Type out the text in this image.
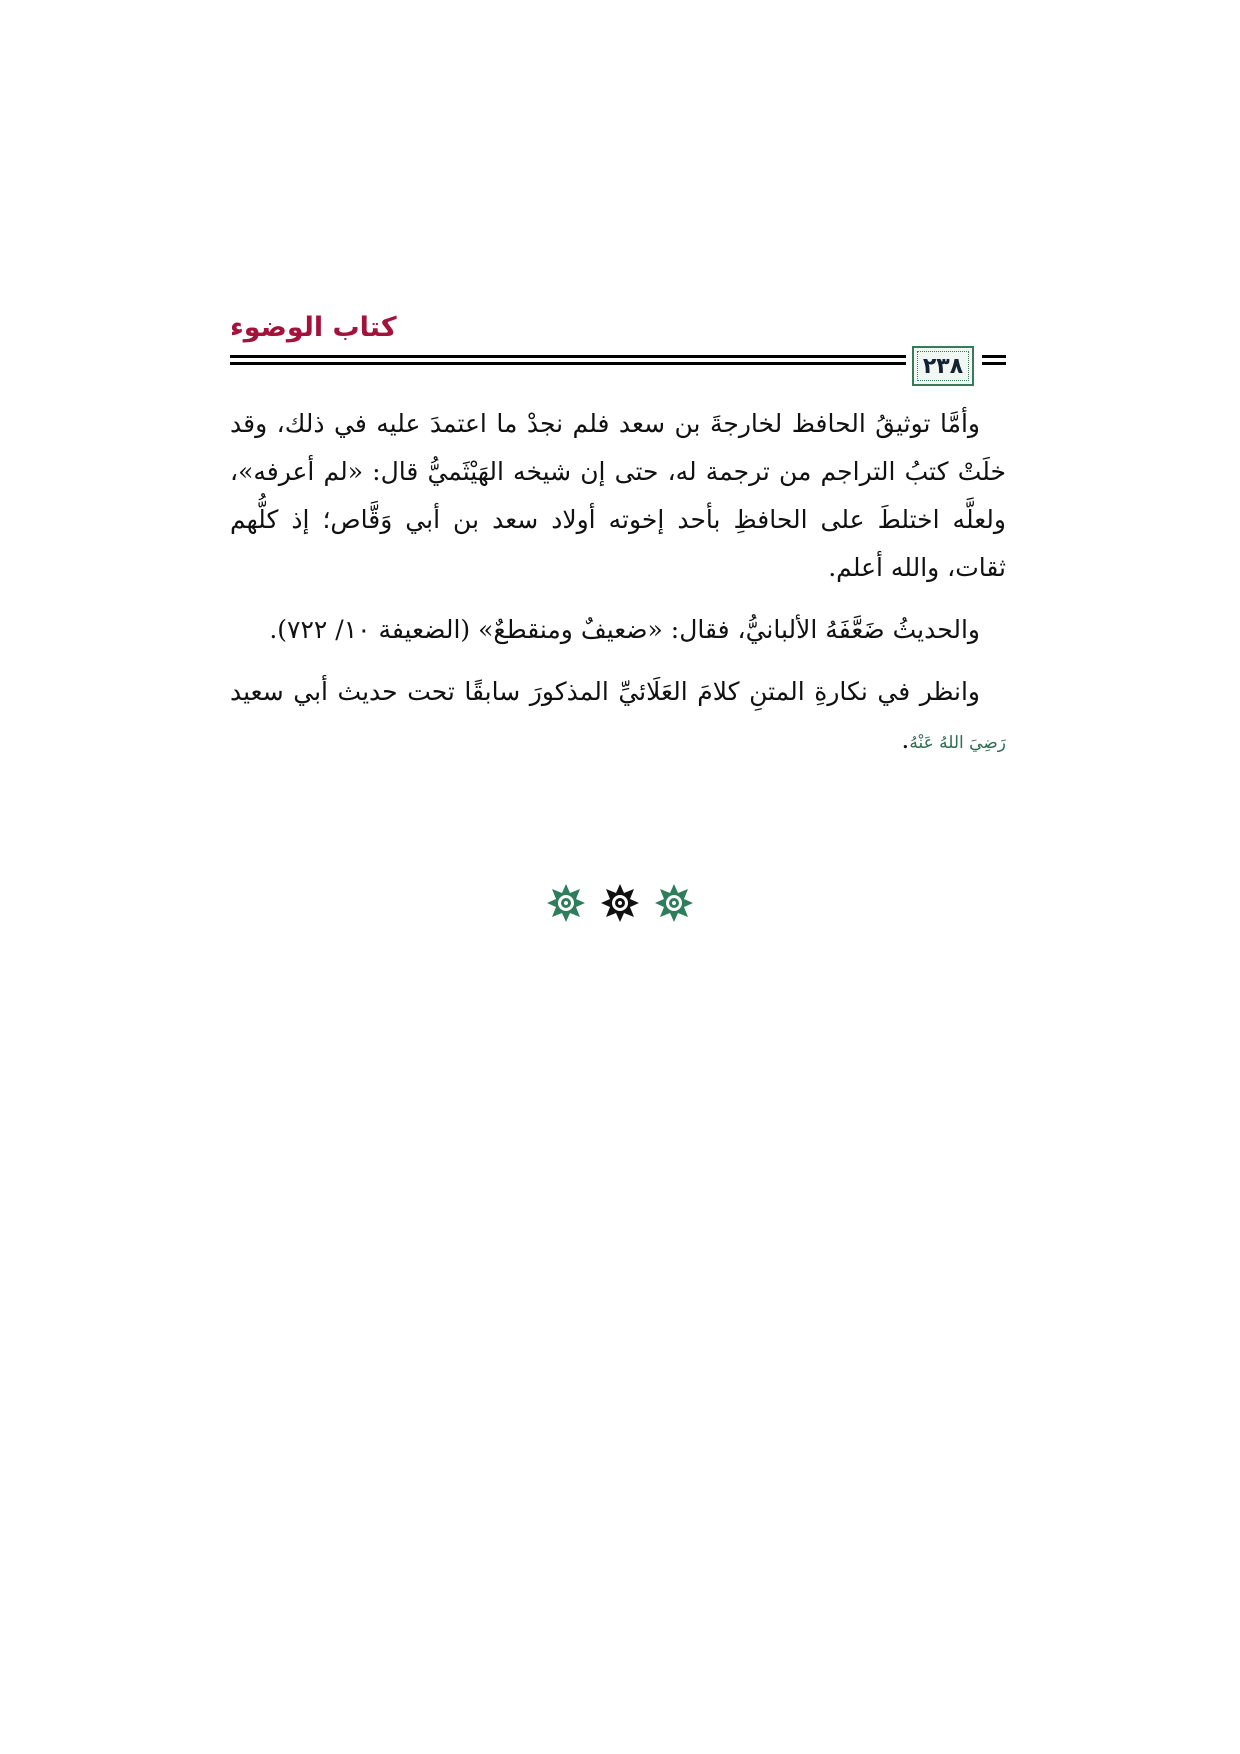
كتاب الوضوء
٢٣٨

وأمَّا توثيقُ الحافظ لخارجةَ بن سعد فلم نجدْ ما اعتمدَ عليه في ذلك، وقد خلَتْ كتبُ التراجم من ترجمة له، حتى إن شيخه الهَيْثَميُّ قال: «لم أعرفه»، ولعلَّه اختلطَ على الحافظِ بأحد إخوته أولاد سعد بن أبي وَقَّاص؛ إذ كلُّهم ثقات، والله أعلم.

والحديثُ ضَعَّفَهُ الألبانيُّ، فقال: «ضعيفٌ ومنقطعٌ» (الضعيفة ١٠/ ٧٢٢).

وانظر في نكارةِ المتنِ كلامَ العَلَائيِّ المذكورَ سابقًا تحت حديث أبي سعيد رَضِيَ اللهُ عَنْهُ.
